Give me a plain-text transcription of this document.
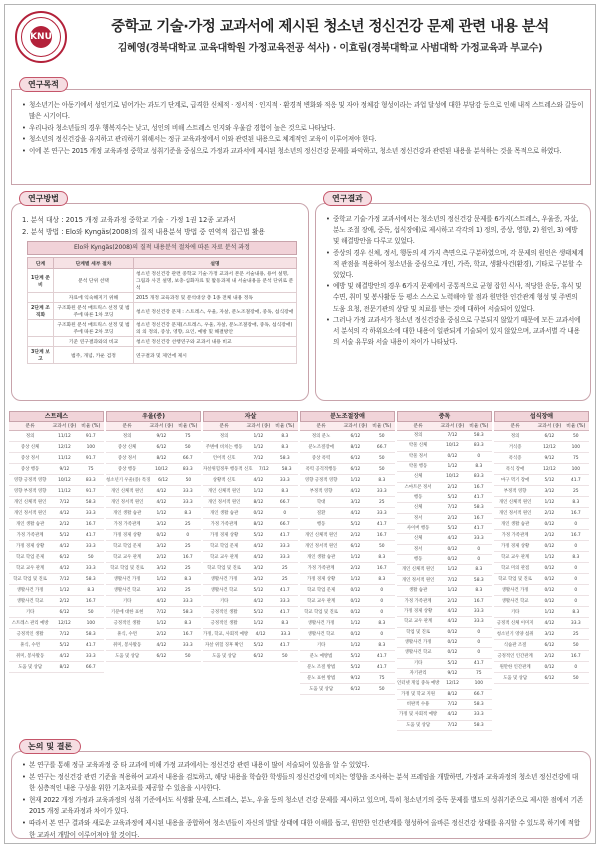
KNU
중학교 기술·가정 교과서에 제시된 청소년 정신건강 문제 관련 내용 분석
김혜영(경북대학교 교육대학원 가정교육전공 석사) · 이효림(경북대학교 사범대학 가정교육과 부교수)
• 청소년기는 아동기에서 성인기로 넘어가는 과도기 단계로, 급격한 신체적 · 정서적 · 인지적 · 환경적 변화와 적응 및 자아 정체감 형성이라는 과업 달성에 대한 부담감 등으로 인해 내적 스트레스와 갈등이 많은 시기이다.
• 우리나라 청소년들의 경우 행복지수는 낮고, 성인의 비해 스트레스 인지와 우울감 경험이 높은 것으로 나타났다.
• 청소년의 정신건강을 유지하고 관리하기 위해서는 정규 교육과정에서 이와 관련된 내용으로 체계적인 교육이 이루어져야 한다.
• 이에 본 연구는 2015 개정 교육과정 중학교 성취기준을 중심으로 가정과 교과서에 제시된 청소년의 정신건강 문제를 파악하고, 청소년 정신건강과 관련된 내용을 분석하는 것을 목적으로 하였다.
연구목적
1. 분석 대상 : 2015 개정 교육과정 중학교 기술 · 가정 1권 12종 교과서
2. 분석 방법 : Elo와 Kyngäs(2008)의 질적 내용분석 방법 중 연역적 접근법 활용
연구방법
Elo와 Kyngäs(2008)의 질적 내용분석 절차에 따른 자료 분석 과정
단계	단계별 세부 절차	설명
1단계 준비	분석 단위 선택	청소년 정신건강 관련 중학교 기술·가정 교과서 본문 서술내용, 용어 설명, 그림과 사진 설명, 보충·심화자료 및 활동과제 내 서술내용을 분석 단위로 분석
	자료에 익숙해지기 위해	2015 개정 교육과정 및 분석대상 총 1종 전체 내용 정독
2단계 조직화	구조화된 분석 매트릭스 선정 및 범주에 따른 1차 코딩	청소년 정신건강 문제 : 스트레스, 우울, 자살, 분노조절장애, 중독, 섭식장애
	구조화된 분석 매트릭스 선정 및 범주에 따른 2차 코딩	청소년 정신건강 문제(스트레스, 우울, 자살, 분노조절장애, 중독, 섭식장애)의 의 정의, 증상, 영향, 요인, 예방 및 해결방안
	기준 연구결과와의 비교	청소년 정신건강 선행연구와 교과서 내용 비교
3단계 보고	범주, 개념, 카운 검정	연구결과 및 제언에 제시
• 중학교 기술·가정 교과서에서는 청소년의 정신건강 문제를 6가지(스트레스, 우울증, 자살, 분노 조절 장애, 중독, 섭식장애)로 제시하고 각각의 1) 정의, 증상, 영향, 2) 원인, 3) 예방 및 해결방안을 다루고 있었다.
• 증상의 경우 신체, 정서, 행동의 세 가지 측면으로 구분하였으며, 각 문제의 원인은 생태체계적 관점을 적용하여 청소년을 중심으로 개인, 가족, 학교, 생활사건(환경), 기타로 구분할 수 있었다.
• 예방 및 해결방안의 경우 6가지 문제에서 공통적으로 균형 잡힌 식사, 적당한 운동, 휴식 및 수면, 취미 및 봉사활동 등 평소 스스로 노력해야 할 점과 원만한 인간관계 형성 및 주변의 도움 요청, 전문기관의 상담 및 치료를 받는 것에 대하여 서술되어 있었다.
• 그러나 가정 교과서가 청소년 정신건강을 중심으로 구분되지 않았기 때문에 모든 교과서에서 분석의 각 하위요소에 대한 내용이 일관되게 기술되어 있지 않았으며, 교과서별 각 내용의 서술 유무와 서술 내용이 차이가 나타났다.
연구결과
스트레스
분류	교과서 (종)	비율 (%)
정의	11/12	91.7
증상 신체	12/12	100
증상 정서	11/12	91.7
증상 행동	9/12	75
영향 긍정적 영향	10/12	83.3
영향 부정적 영향	11/12	91.7
개인 신체적 원인	7/12	58.3
개인 정서적 원인	4/12	33.3
개인 생활 습관	2/12	16.7
가정 가족관계	5/12	41.7
가정 경제 상황	4/12	33.3
학교 학업 문제	6/12	50
학교 교우 관계	4/12	33.3
학교 학업 및 진로	7/12	58.3
생활사건 가정	1/12	8.3
생활사건 학교	2/12	16.7
기타	6/12	50
스트레스 관리 예방	12/12	100
긍정적인 생활	7/12	58.3
휴식, 수면	5/12	41.7
취미, 봉사활동	4/12	33.3
도움 및 상담	8/12	66.7
우울(증)
분류	교과서 (종)	비율 (%)
정의	9/12	75
증상 신체	6/12	50
증상 정서	8/12	66.7
증상 행동	10/12	83.3
청소년기 우울(증) 특징	6/12	50
개인 신체적 원인	4/12	33.3
개인 정서적 원인	4/12	33.3
개인 생활 습관	1/12	8.3
가정 가족관계	3/12	25
가정 경제 상황	0/12	0
학교 학업 문제	3/12	25
학교 교우 관계	2/12	16.7
학교 학업 및 진로	3/12	25
생활사건 가정	1/12	8.3
생활사건 학교	3/12	25
기타	4/12	33.3
기분에 대한 표현	7/12	58.3
긍정적인 생활	1/12	8.3
휴식, 수면	2/12	16.7
취미, 봉사활동	4/12	33.3
도움 및 상담	6/12	50
자살
분류	교과서 (종)	비율 (%)
정의	1/12	8.3
주변에 비치는 행동	1/12	8.3
언어적 신호	7/12	58.3
자살위험정후 행동적 신호	7/12	58.3
상황적 신호	4/12	33.3
개인 신체적 원인	1/12	8.3
개인 정서적 원인	8/12	66.7
개인 생활 습관	0/12	0
가정 가족관계	8/12	66.7
가정 경제 상황	5/12	41.7
학교 학업 문제	4/12	33.3
학교 교우 관계	4/12	33.3
학교 학업 및 진로	3/12	25
생활사건 가정	3/12	25
생활사건 학교	5/12	41.7
기타	4/12	33.3
긍정적인 생활	5/12	41.7
긍정적인 생활	1/12	8.3
가정, 학교, 사회적 예방	4/12	33.3
자살 위험 징후 확인	5/12	41.7
도움 및 상담	6/12	50
분노조절장애
분류	교과서 (종)	비율 (%)
정의 분노	6/12	50
분노조절장애	8/12	66.7
증상 폭력	6/12	50
폭력 공격적행동	6/12	50
영향 긍정적 영향	1/12	8.3
부정적 영향	4/12	33.3
학대	3/12	25
질환	4/12	33.3
행동	5/12	41.7
개인 신체적 원인	2/12	16.7
개인 정서적 원인	6/12	50
개인 생활 습관	1/12	8.3
가정 가족관계	2/12	16.7
가정 경제 상황	1/12	8.3
학교 학업 문제	0/12	0
학교 교우 관계	0/12	0
학교 학업 및 진로	0/12	0
생활사건 가정	1/12	8.3
생활사건 학교	0/12	0
기타	1/12	8.3
분노 예방법	5/12	41.7
분노 조절 방법	5/12	41.7
분노 표현 방법	9/12	75
도움 및 상담	6/12	50
중독
분류	교과서 (종)	비율 (%)
정의	7/12	58.3
약물 신체	10/12	83.3
약물 정서	0/12	0
약물 행동	1/12	8.3
신체	10/12	83.3
스마트폰 정서	2/12	16.7
행동	5/12	41.7
신체	7/12	58.3
정서	2/12	16.7
사이버 행동	5/12	41.7
신체	4/12	33.3
정서	0/12	0
행동	0/12	0
개인 신체적 원인	1/12	8.3
개인 정서적 원인	7/12	58.3
생활 습관	1/12	8.3
가정 가족관계	2/12	16.7
가정 경제 상황	4/12	33.3
학교 교우 관계	4/12	33.3
학업 및 진로	0/12	0
생활사건 가정	0/12	0
생활사건 학교	0/12	0
기타	5/12	41.7
자기관리	9/12	75
인터넷 게임 중독 예방	12/12	100
가정 및 학교 지원	8/12	66.7
비판적 수용	7/12	58.3
가정 및 사회적 예방	4/12	33.3
도움 및 상담	7/12	58.3
섭식장애
분류	교과서 (종)	비율 (%)
정의	6/12	50
거식증	12/12	100
폭식증	9/12	75
폭식 장애	12/12	100
마구 먹기 장애	5/12	41.7
부정적 영향	3/12	25
개인 신체적 원인	1/12	8.3
개인 정서적 원인	2/12	16.7
개인 생활 습관	0/12	0
가정 가족관계	2/12	16.7
가정 경제 상황	0/12	0
학교 교우 관계	1/12	8.3
학교 미의 관점	0/12	0
학교 학업 및 진로	0/12	0
생활사건 가정	0/12	0
생활사건 학교	0/12	0
기타	1/12	8.3
긍정적 신체 이미지	4/12	33.3
청소년기 영양 섭취	3/12	25
식습관 조절	6/12	50
긍정적인 인간관계	2/12	16.7
원만한 인간관계	0/12	0
도움 및 상담	6/12	50
• 본 연구를 통해 정규 교육과정 중 타 교과에 비해 가정 교과에서는 정신건강 관련 내용이 많이 서술되어 있음을 알 수 있었다.
• 본 연구는 정신건강 관련 기준을 적용하여 교과서 내용을 검토하고, 해당 내용을 학습한 학생들의 정신건강에 미치는 영향을 조사하는 분석 프레임을 개발하면, 가정과 교육과정의 청소년 정신건강에 대한 심층적인 내용 구성을 위한 기초자료를 제공할 수 있음을 시사한다.
• 현재 2022 개정 가정과 교육과정의 성취 기준에서도 식생활 문제, 스트레스, 분노, 우울 등의 청소년 건강 문제를 제시하고 있으며, 특히 청소년기의 중독 문제를 별도의 성취기준으로 제시한 점에서 기존 2015 개정 교육과정과 차이가 있다.
• 따라서 본 연구 결과와 새로운 교육과정에 제시된 내용을 종합하여 청소년들이 자신의 발달 상태에 대한 이해를 돕고, 원만한 인간관계를 형성하여 올바른 정신건강 상태를 유지할 수 있도록 하기에 적합한 교과서 개발이 이루어져야 할 것이다.
논의 및 결론
